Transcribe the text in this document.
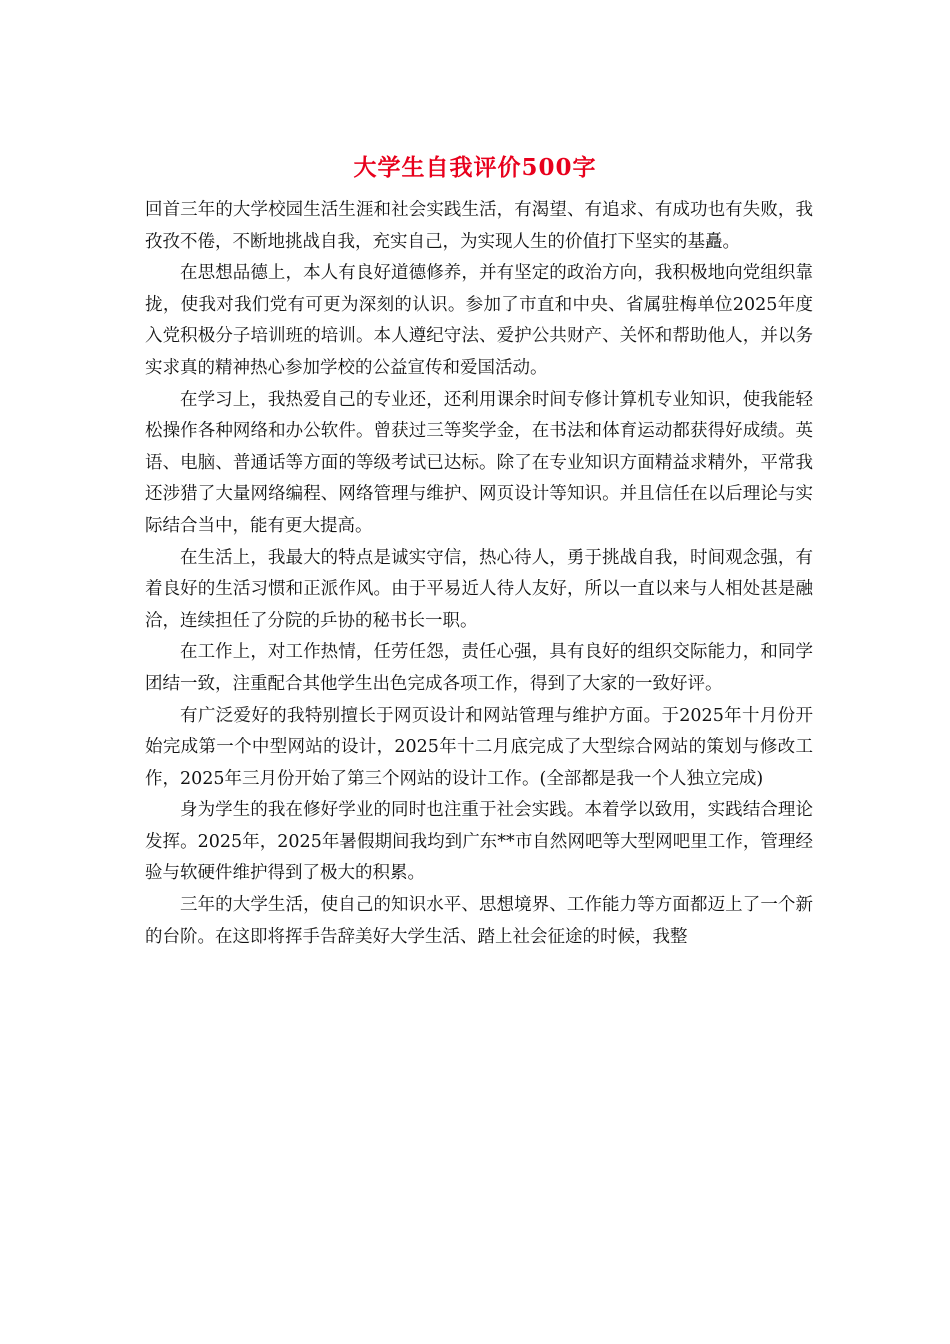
大学生自我评价500字

回首三年的大学校园生活生涯和社会实践生活，有渴望、有追求、有成功也有失败，我孜孜不倦，不断地挑战自我，充实自己，为实现人生的价值打下坚实的基矗。

在思想品德上，本人有良好道德修养，并有坚定的政治方向，我积极地向党组织靠拢，使我对我们党有可更为深刻的认识。参加了市直和中央、省属驻梅单位2025年度入党积极分子培训班的培训。本人遵纪守法、爱护公共财产、关怀和帮助他人，并以务实求真的精神热心参加学校的公益宣传和爱国活动。

在学习上，我热爱自己的专业还，还利用课余时间专修计算机专业知识，使我能轻松操作各种网络和办公软件。曾获过三等奖学金，在书法和体育运动都获得好成绩。英语、电脑、普通话等方面的等级考试已达标。除了在专业知识方面精益求精外，平常我还涉猎了大量网络编程、网络管理与维护、网页设计等知识。并且信任在以后理论与实际结合当中，能有更大提高。

在生活上，我最大的特点是诚实守信，热心待人，勇于挑战自我，时间观念强，有着良好的生活习惯和正派作风。由于平易近人待人友好，所以一直以来与人相处甚是融洽，连续担任了分院的乒协的秘书长一职。

在工作上，对工作热情，任劳任怨，责任心强，具有良好的组织交际能力，和同学团结一致，注重配合其他学生出色完成各项工作，得到了大家的一致好评。

有广泛爱好的我特别擅长于网页设计和网站管理与维护方面。于2025年十月份开始完成第一个中型网站的设计，2025年十二月底完成了大型综合网站的策划与修改工作，2025年三月份开始了第三个网站的设计工作。(全部都是我一个人独立完成)

身为学生的我在修好学业的同时也注重于社会实践。本着学以致用，实践结合理论发挥。2025年，2025年暑假期间我均到广东**市自然网吧等大型网吧里工作，管理经验与软硬件维护得到了极大的积累。

三年的大学生活，使自己的知识水平、思想境界、工作能力等方面都迈上了一个新的台阶。在这即将挥手告辞美好大学生活、踏上社会征途的时候，我整
